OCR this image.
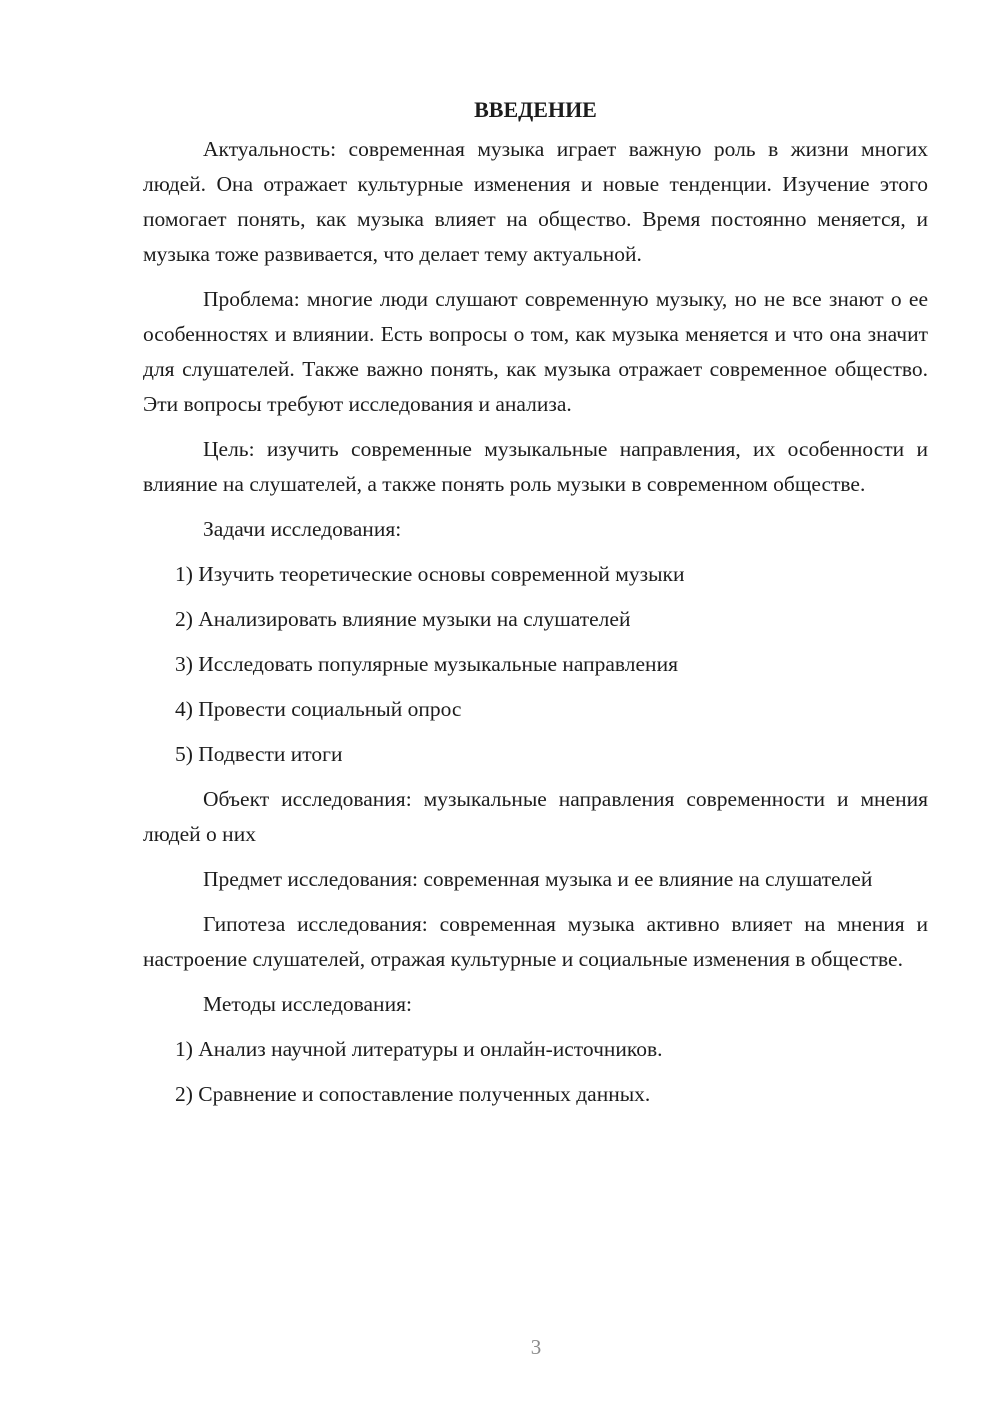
ВВЕДЕНИЕ

Актуальность: современная музыка играет важную роль в жизни многих людей. Она отражает культурные изменения и новые тенденции. Изучение этого помогает понять, как музыка влияет на общество. Время постоянно меняется, и музыка тоже развивается, что делает тему актуальной.

Проблема: многие люди слушают современную музыку, но не все знают о ее особенностях и влиянии. Есть вопросы о том, как музыка меняется и что она значит для слушателей. Также важно понять, как музыка отражает современное общество. Эти вопросы требуют исследования и анализа.

Цель: изучить современные музыкальные направления, их особенности и влияние на слушателей, а также понять роль музыки в современном обществе.

Задачи исследования:

1) Изучить теоретические основы современной музыки

2) Анализировать влияние музыки на слушателей

3) Исследовать популярные музыкальные направления

4) Провести социальный опрос

5) Подвести итоги

Объект исследования: музыкальные направления современности и мнения людей о них

Предмет исследования: современная музыка и ее влияние на слушателей

Гипотеза исследования: современная музыка активно влияет на мнения и настроение слушателей, отражая культурные и социальные изменения в обществе.

Методы исследования:

1) Анализ научной литературы и онлайн-источников.

2) Сравнение и сопоставление полученных данных.

3
